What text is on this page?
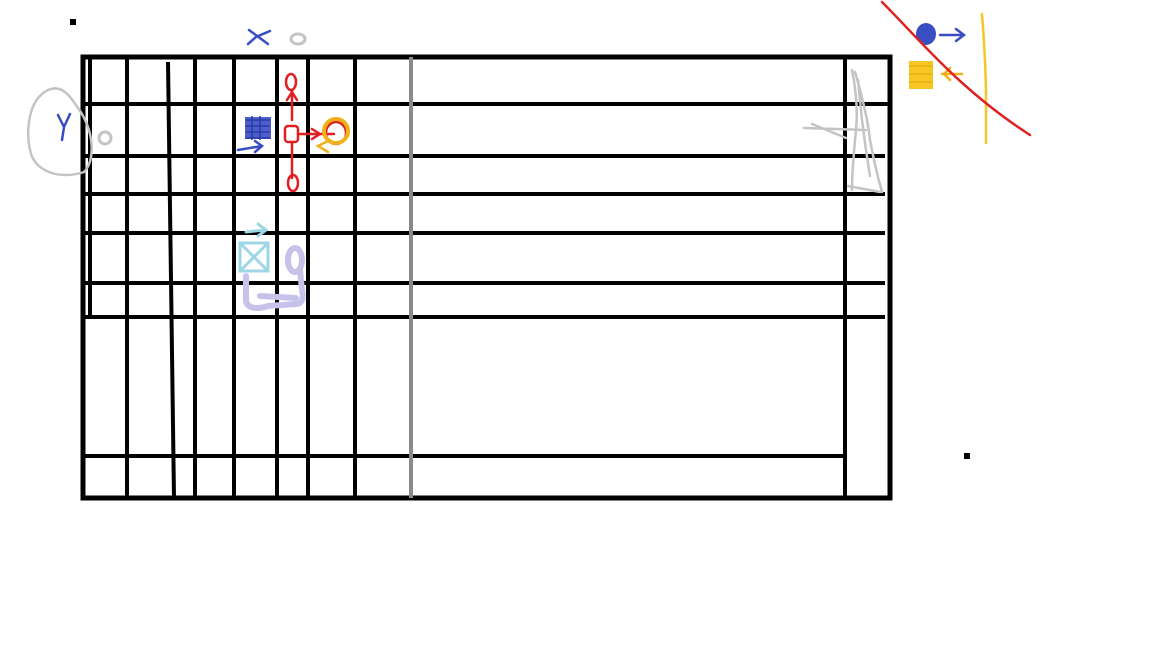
X
Y
